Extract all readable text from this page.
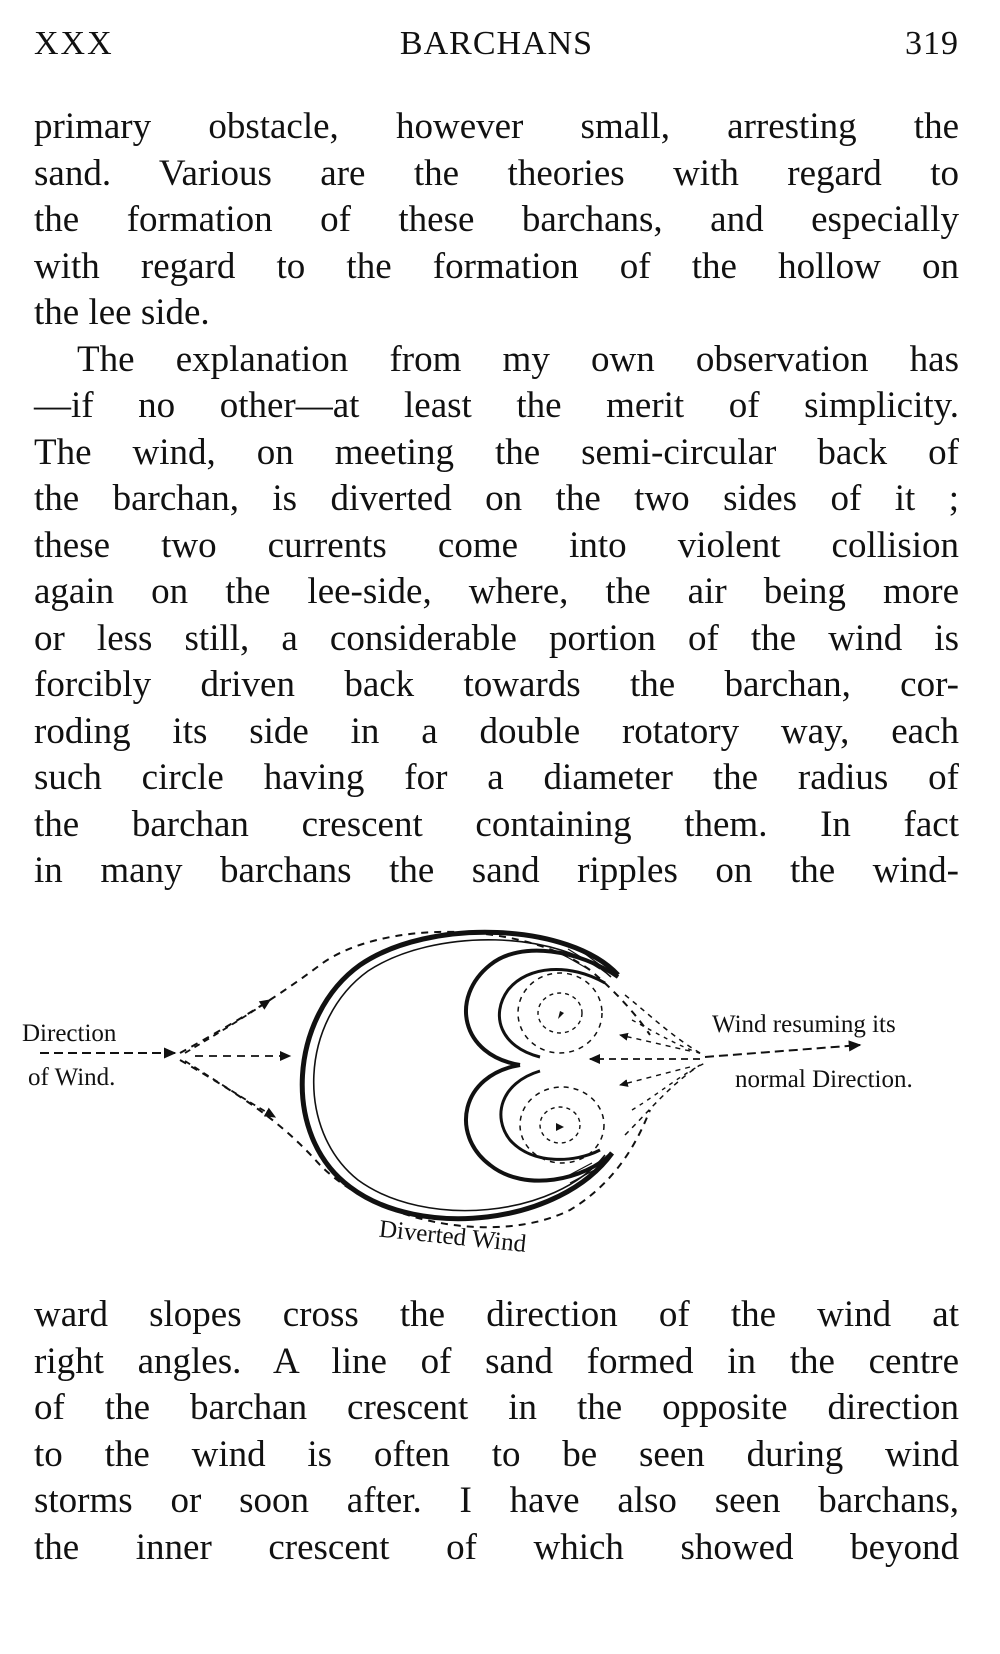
XXX	BARCHANS	319
primary obstacle, however small, arresting the
sand. Various are the theories with regard to
the formation of these barchans, and especially
with regard to the formation of the hollow on
the lee side.
The explanation from my own observation has
—if no other—at least the merit of simplicity.
The wind, on meeting the semi-circular back of
the barchan, is diverted on the two sides of it ;
these two currents come into violent collision
again on the lee-side, where, the air being more
or less still, a considerable portion of the wind is
forcibly driven back towards the barchan, cor-
roding its side in a double rotatory way, each
such circle having for a diameter the radius of
the barchan crescent containing them. In fact
in many barchans the sand ripples on the wind-
Direction
of Wind.
Wind resuming its
normal Direction.
Diverted Wind
ward slopes cross the direction of the wind at
right angles. A line of sand formed in the centre
of the barchan crescent in the opposite direction
to the wind is often to be seen during wind
storms or soon after. I have also seen barchans,
the inner crescent of which showed beyond
